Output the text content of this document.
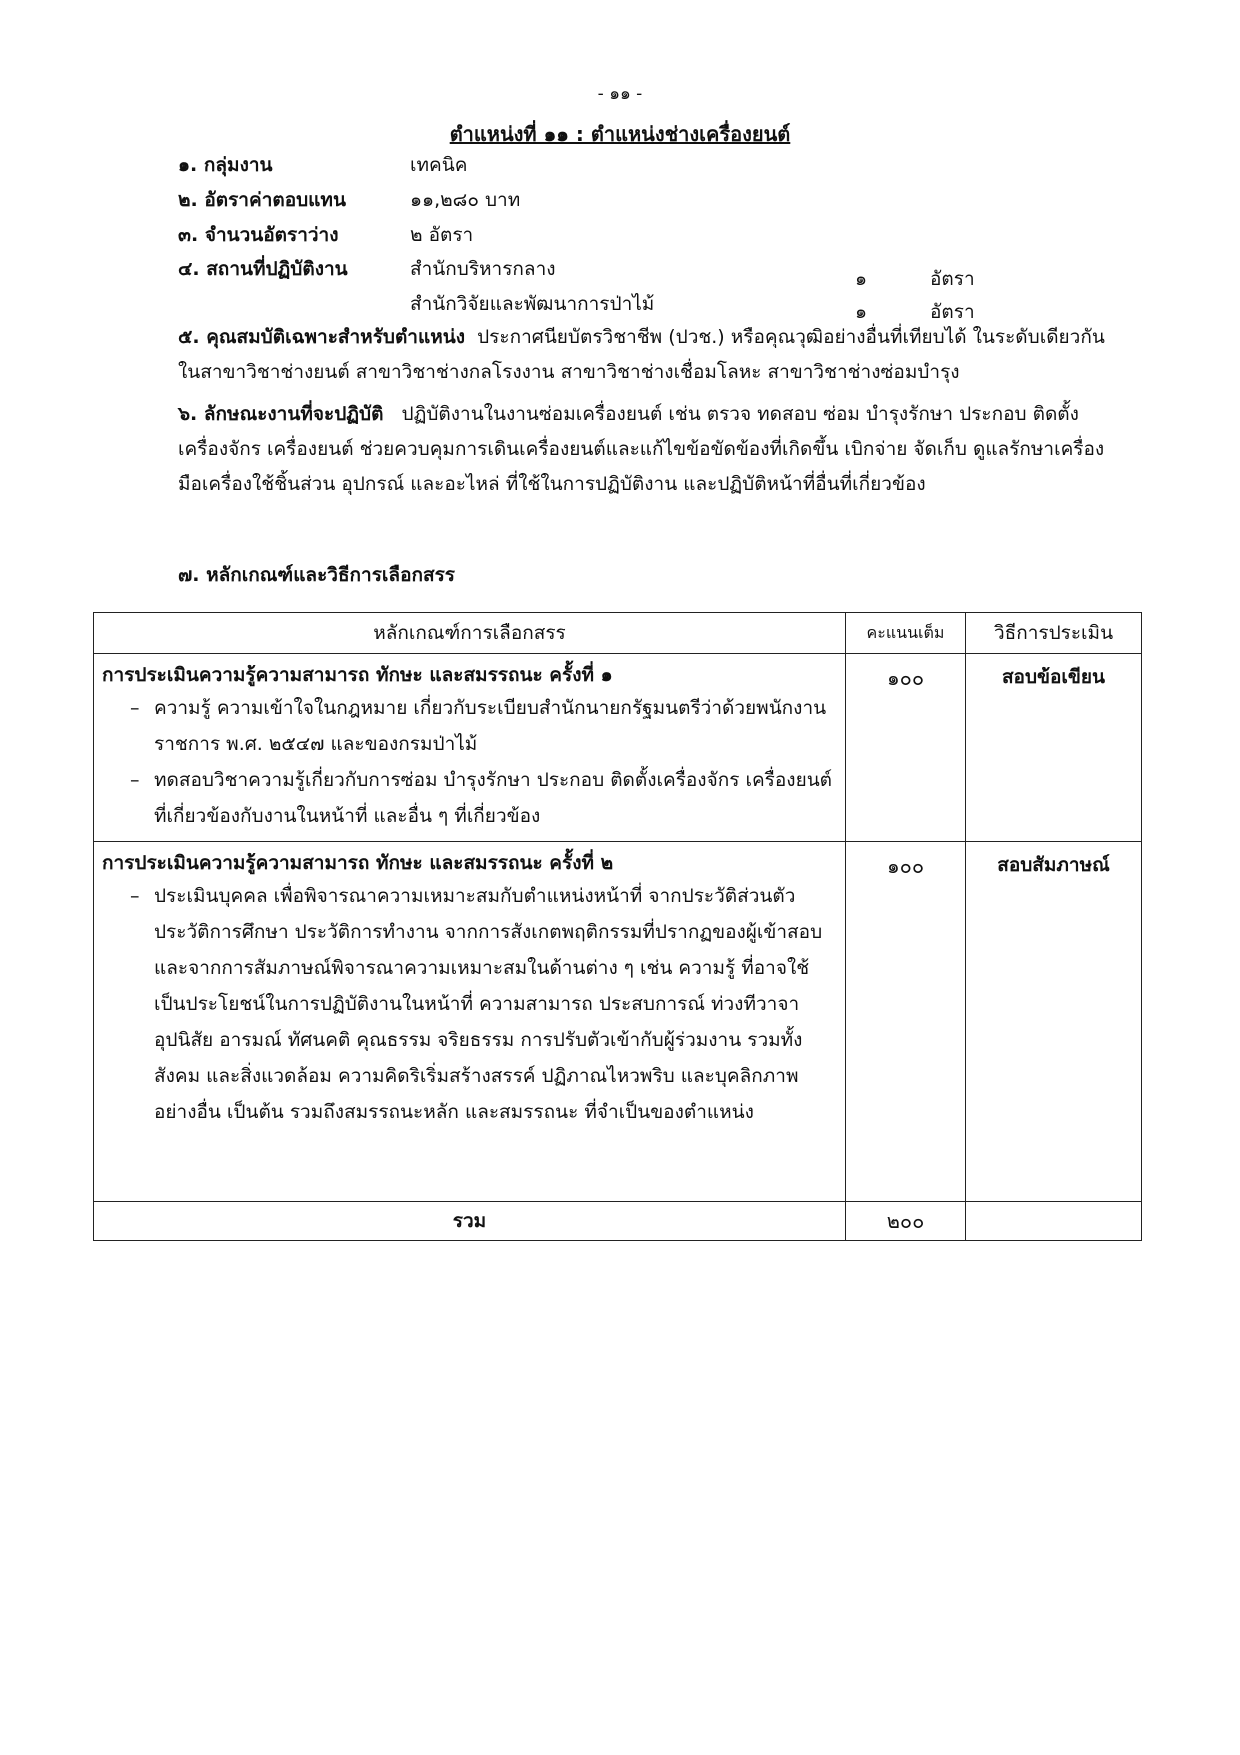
- ๑๑ -
ตำแหน่งที่ ๑๑ : ตำแหน่งช่างเครื่องยนต์
๑. กลุ่มงาน	เทคนิค
๒. อัตราค่าตอบแทน	๑๑,๒๘๐ บาท
๓. จำนวนอัตราว่าง	๒ อัตรา
๔. สถานที่ปฏิบัติงาน	สำนักบริหารกลาง	๑	อัตรา
สำนักวิจัยและพัฒนาการป่าไม้	๑	อัตรา
๕. คุณสมบัติเฉพาะสำหรับตำแหน่ง ประกาศนียบัตรวิชาชีพ (ปวช.) หรือคุณวุฒิอย่างอื่นที่เทียบได้ ในระดับเดียวกัน ในสาขาวิชาช่างยนต์ สาขาวิชาช่างกลโรงงาน สาขาวิชาช่างเชื่อมโลหะ สาขาวิชาช่างซ่อมบำรุง
๖. ลักษณะงานที่จะปฏิบัติ ปฏิบัติงานในงานซ่อมเครื่องยนต์ เช่น ตรวจ ทดสอบ ซ่อม บำรุงรักษา ประกอบ ติดตั้งเครื่องจักร เครื่องยนต์ ช่วยควบคุมการเดินเครื่องยนต์และแก้ไขข้อขัดข้องที่เกิดขึ้น เบิกจ่าย จัดเก็บ ดูแลรักษาเครื่องมือเครื่องใช้ชิ้นส่วน อุปกรณ์ และอะไหล่ ที่ใช้ในการปฏิบัติงาน และปฏิบัติหน้าที่อื่นที่เกี่ยวข้อง
๗. หลักเกณฑ์และวิธีการเลือกสรร
หลักเกณฑ์การเลือกสรร	คะแนนเต็ม	วิธีการประเมิน

การประเมินความรู้ความสามารถ ทักษะ และสมรรถนะ ครั้งที่ ๑
– ความรู้ ความเข้าใจในกฎหมาย เกี่ยวกับระเบียบสำนักนายกรัฐมนตรีว่าด้วยพนักงานราชการ พ.ศ. ๒๕๔๗ และของกรมป่าไม้
– ทดสอบวิชาความรู้เกี่ยวกับการซ่อม บำรุงรักษา ประกอบ ติดตั้งเครื่องจักร เครื่องยนต์ ที่เกี่ยวข้องกับงานในหน้าที่ และอื่น ๆ ที่เกี่ยวข้อง	๑๐๐	สอบข้อเขียน

การประเมินความรู้ความสามารถ ทักษะ และสมรรถนะ ครั้งที่ ๒
– ประเมินบุคคล เพื่อพิจารณาความเหมาะสมกับตำแหน่งหน้าที่ จากประวัติส่วนตัว ประวัติการศึกษา ประวัติการทำงาน จากการสังเกตพฤติกรรมที่ปรากฏของผู้เข้าสอบและจากการสัมภาษณ์พิจารณาความเหมาะสมในด้านต่าง ๆ เช่น ความรู้ ที่อาจใช้เป็นประโยชน์ในการปฏิบัติงานในหน้าที่ ความสามารถ ประสบการณ์ ท่วงทีวาจา อุปนิสัย อารมณ์ ทัศนคติ คุณธรรม จริยธรรม การปรับตัวเข้ากับผู้ร่วมงาน รวมทั้งสังคม และสิ่งแวดล้อม ความคิดริเริ่มสร้างสรรค์ ปฏิภาณไหวพริบ และบุคลิกภาพอย่างอื่น เป็นต้น รวมถึงสมรรถนะหลัก และสมรรถนะ ที่จำเป็นของตำแหน่ง	๑๐๐	สอบสัมภาษณ์
รวม	๒๐๐	
